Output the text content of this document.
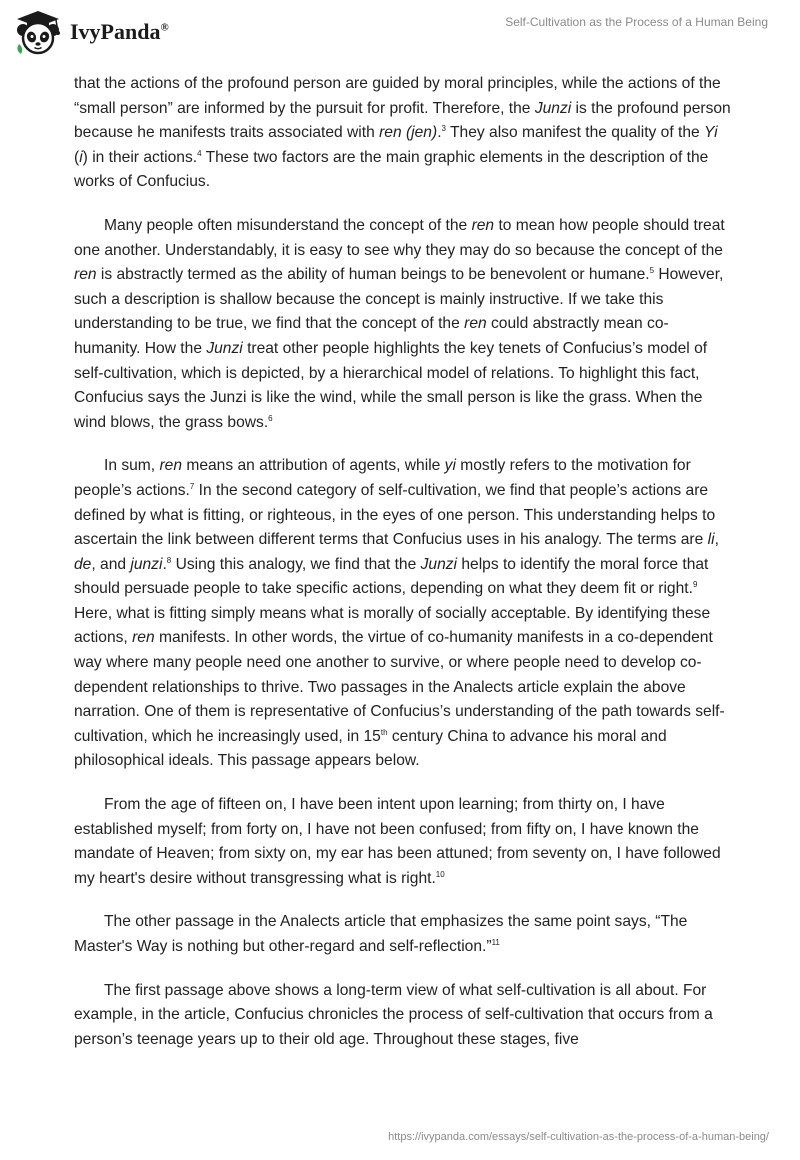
IvyPanda®	Self-Cultivation as the Process of a Human Being

that the actions of the profound person are guided by moral principles, while the actions of the “small person” are informed by the pursuit for profit. Therefore, the Junzi is the profound person because he manifests traits associated with ren (jen).$^3$ They also manifest the quality of the Yi (i) in their actions.$^4$ These two factors are the main graphic elements in the description of the works of Confucius.

Many people often misunderstand the concept of the ren to mean how people should treat one another. Understandably, it is easy to see why they may do so because the concept of the ren is abstractly termed as the ability of human beings to be benevolent or humane.$^5$ However, such a description is shallow because the concept is mainly instructive. If we take this understanding to be true, we find that the concept of the ren could abstractly mean co-humanity. How the Junzi treat other people highlights the key tenets of Confucius’s model of self-cultivation, which is depicted, by a hierarchical model of relations. To highlight this fact, Confucius says the Junzi is like the wind, while the small person is like the grass. When the wind blows, the grass bows.$^6$

In sum, ren means an attribution of agents, while yi mostly refers to the motivation for people’s actions.$^7$ In the second category of self-cultivation, we find that people’s actions are defined by what is fitting, or righteous, in the eyes of one person. This understanding helps to ascertain the link between different terms that Confucius uses in his analogy. The terms are li, de, and junzi.$^8$ Using this analogy, we find that the Junzi helps to identify the moral force that should persuade people to take specific actions, depending on what they deem fit or right.$^9$ Here, what is fitting simply means what is morally of socially acceptable. By identifying these actions, ren manifests. In other words, the virtue of co-humanity manifests in a co-dependent way where many people need one another to survive, or where people need to develop co-dependent relationships to thrive. Two passages in the Analects article explain the above narration. One of them is representative of Confucius’s understanding of the path towards self-cultivation, which he increasingly used, in 15th century China to advance his moral and philosophical ideals. This passage appears below.

From the age of fifteen on, I have been intent upon learning; from thirty on, I have established myself; from forty on, I have not been confused; from fifty on, I have known the mandate of Heaven; from sixty on, my ear has been attuned; from seventy on, I have followed my heart's desire without transgressing what is right.$^{10}$

The other passage in the Analects article that emphasizes the same point says, “The Master's Way is nothing but other-regard and self-reflection.”$^{11}$

The first passage above shows a long-term view of what self-cultivation is all about. For example, in the article, Confucius chronicles the process of self-cultivation that occurs from a person’s teenage years up to their old age. Throughout these stages, five

https://ivypanda.com/essays/self-cultivation-as-the-process-of-a-human-being/
